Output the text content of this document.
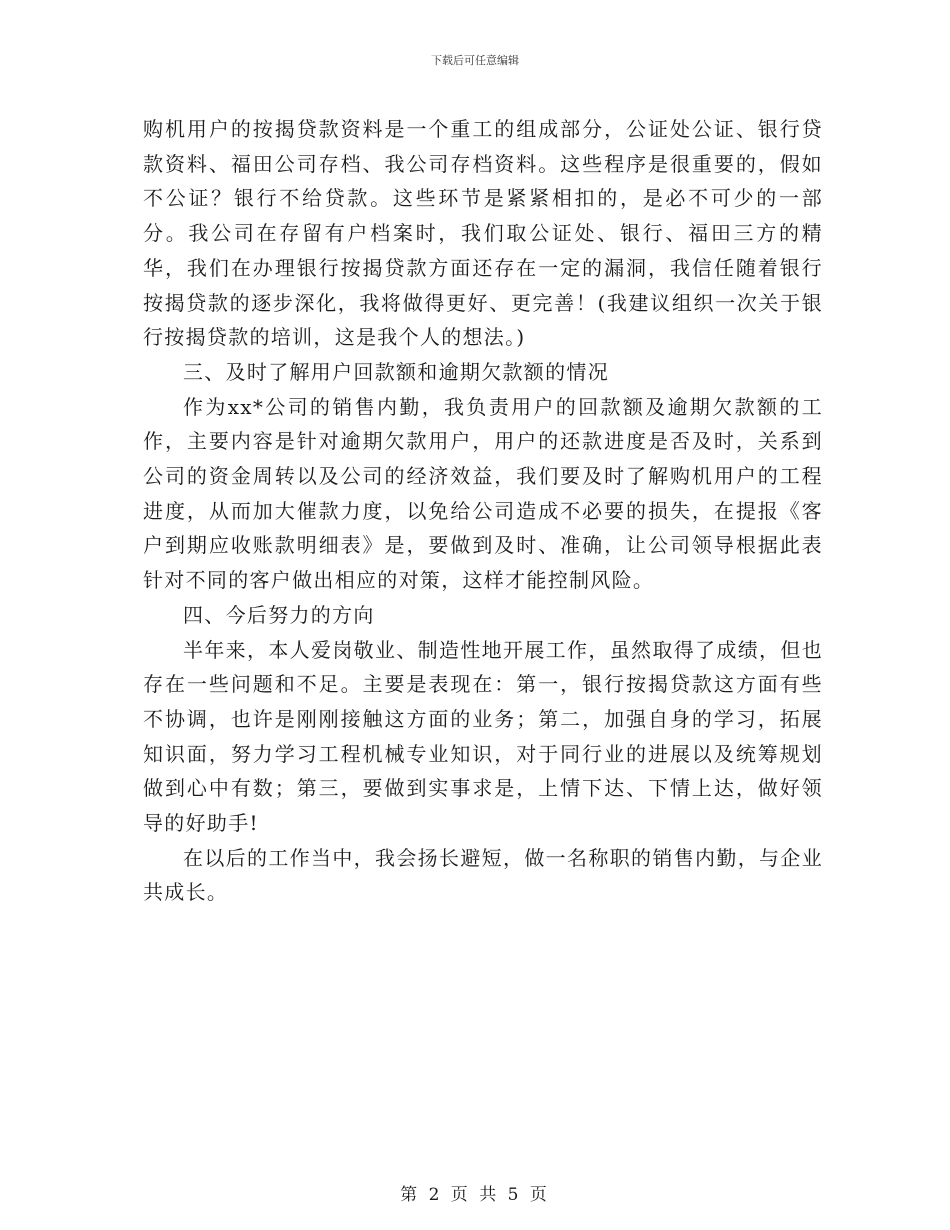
下载后可任意编辑

购机用户的按揭贷款资料是一个重工的组成部分，公证处公证、银行贷款资料、福田公司存档、我公司存档资料。这些程序是很重要的，假如不公证？银行不给贷款。这些环节是紧紧相扣的，是必不可少的一部分。我公司在存留有户档案时，我们取公证处、银行、福田三方的精华，我们在办理银行按揭贷款方面还存在一定的漏洞，我信任随着银行按揭贷款的逐步深化，我将做得更好、更完善！(我建议组织一次关于银行按揭贷款的培训，这是我个人的想法。)

三、及时了解用户回款额和逾期欠款额的情况

作为xx*公司的销售内勤，我负责用户的回款额及逾期欠款额的工作，主要内容是针对逾期欠款用户，用户的还款进度是否及时，关系到公司的资金周转以及公司的经济效益，我们要及时了解购机用户的工程进度，从而加大催款力度，以免给公司造成不必要的损失，在提报《客户到期应收账款明细表》是，要做到及时、准确，让公司领导根据此表针对不同的客户做出相应的对策，这样才能控制风险。

四、今后努力的方向

半年来，本人爱岗敬业、制造性地开展工作，虽然取得了成绩，但也存在一些问题和不足。主要是表现在：第一，银行按揭贷款这方面有些不协调，也许是刚刚接触这方面的业务；第二，加强自身的学习，拓展知识面，努力学习工程机械专业知识，对于同行业的进展以及统筹规划做到心中有数；第三，要做到实事求是，上情下达、下情上达，做好领导的好助手!

在以后的工作当中，我会扬长避短，做一名称职的销售内勤，与企业共成长。

第 2 页 共 5 页
